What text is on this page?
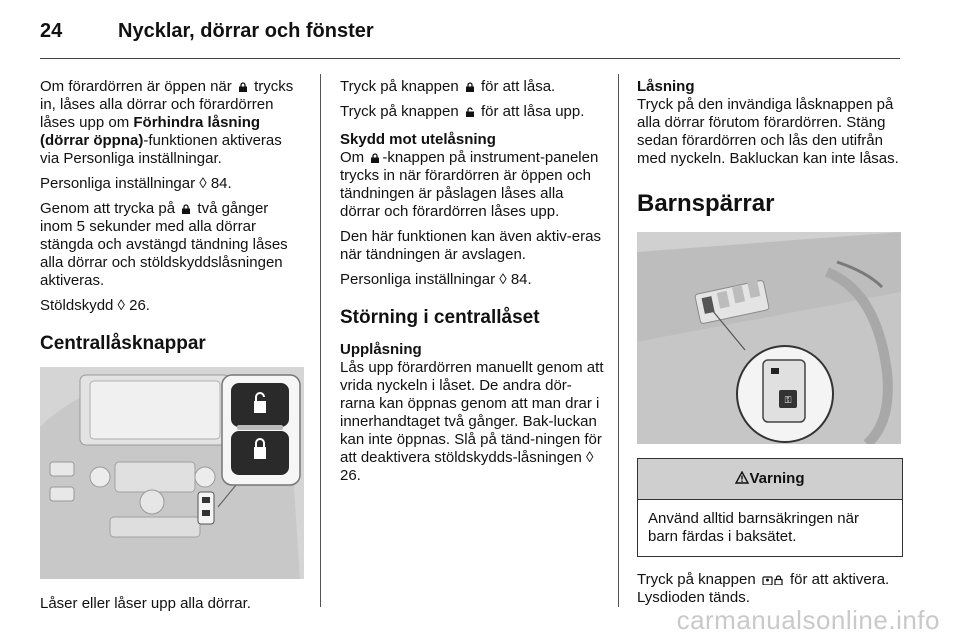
24	Nycklar, dörrar och fönster

Om förardörren är öppen när  trycks in, låses alla dörrar och förardörren låses upp om Förhindra låsning (dörrar öppna)-funktionen aktiveras via Personliga inställningar.

Personliga inställningar ◊ 84.

Genom att trycka på  två gånger inom 5 sekunder med alla dörrar stängda och avstängd tändning låses alla dörrar och stöldskyddslåsningen aktiveras.

Stöldskydd ◊ 26.

Centrallåsknappar

Låser eller låser upp alla dörrar.

Tryck på knappen  för att låsa.

Tryck på knappen  för att låsa upp.

Skydd mot utelåsning

Om -knappen på instrument-panelen trycks in när förardörren är öppen och tändningen är påslagen låses alla dörrar och förardörren låses upp.

Den här funktionen kan även aktiv-eras när tändningen är avslagen.

Personliga inställningar ◊ 84.

Störning i centrallåset

Upplåsning

Lås upp förardörren manuellt genom att vrida nyckeln i låset. De andra dör-rarna kan öppnas genom att man drar i innerhandtaget två gånger. Bak-luckan kan inte öppnas. Slå på tänd-ningen för att deaktivera stöldskydds-låsningen ◊ 26.

Låsning

Tryck på den invändiga låsknappen på alla dörrar förutom förardörren. Stäng sedan förardörren och lås den utifrån med nyckeln. Bakluckan kan inte låsas.

Barnspärrar
⚿
Varning
Använd alltid barnsäkringen när barn färdas i baksätet.

Tryck på knappen  för att aktivera. Lysdioden tänds.

carmanualsonline.info
